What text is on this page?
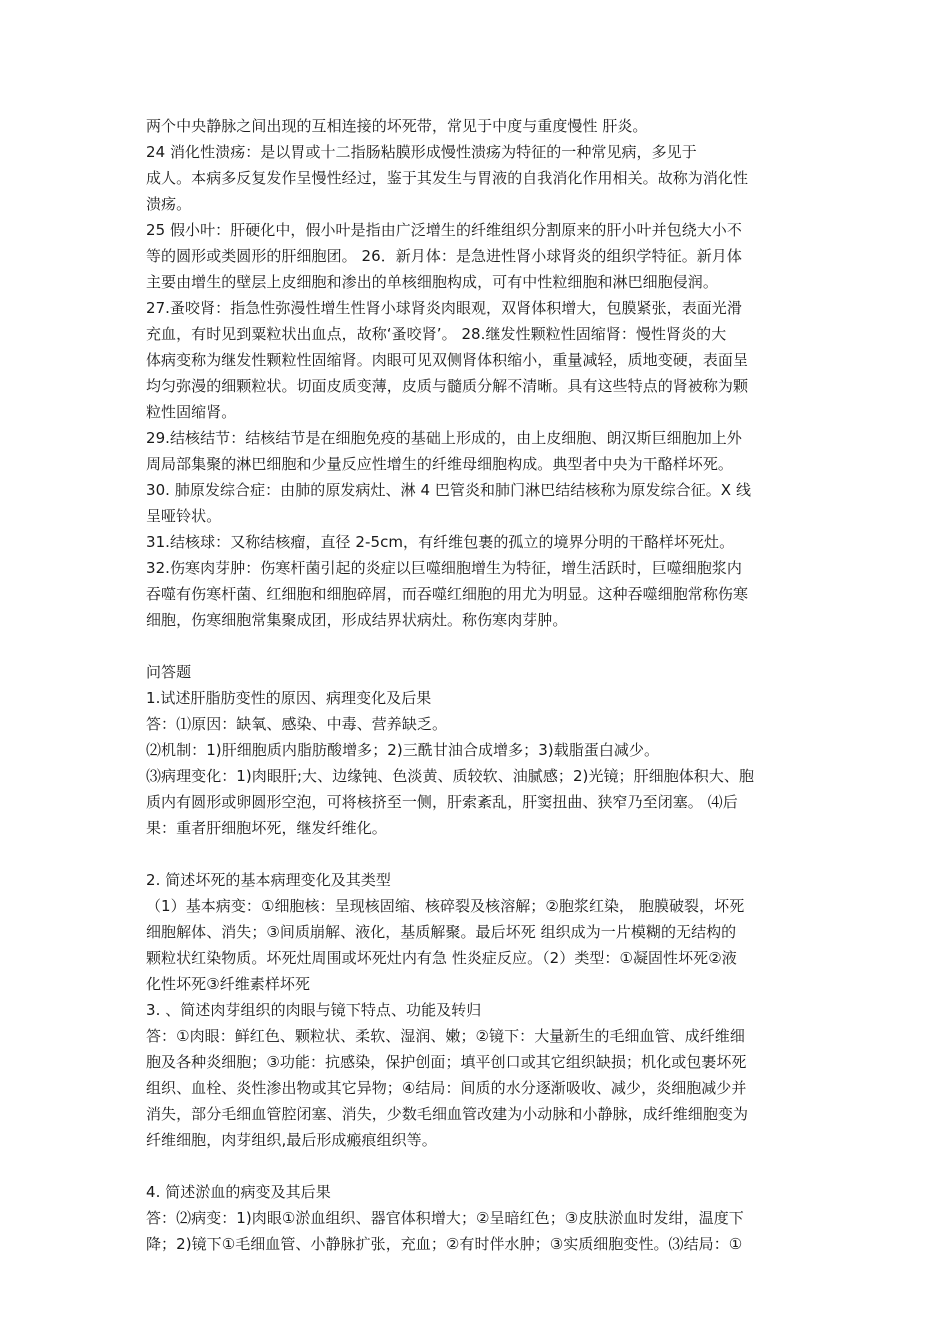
两个中央静脉之间出现的互相连接的坏死带，常见于中度与重度慢性 肝炎。
24 消化性溃疡：是以胃或十二指肠粘膜形成慢性溃疡为特征的一种常见病，多见于
成人。本病多反复发作呈慢性经过，鉴于其发生与胃液的自我消化作用相关。故称为消化性
溃疡。
25 假小叶：肝硬化中，假小叶是指由广泛增生的纤维组织分割原来的肝小叶并包绕大小不
等的圆形或类圆形的肝细胞团。 26．新月体：是急进性肾小球肾炎的组织学特征。新月体
主要由增生的壁层上皮细胞和渗出的单核细胞构成，可有中性粒细胞和淋巴细胞侵润。
27.蚤咬肾：指急性弥漫性增生性肾小球肾炎肉眼观，双肾体积增大，包膜紧张，表面光滑
充血，有时见到粟粒状出血点，故称‘蚤咬肾’。 28.继发性颗粒性固缩肾：慢性肾炎的大
体病变称为继发性颗粒性固缩肾。肉眼可见双侧肾体积缩小，重量减轻，质地变硬，表面呈
均匀弥漫的细颗粒状。切面皮质变薄，皮质与髓质分解不清晰。具有这些特点的肾被称为颗
粒性固缩肾。
29.结核结节：结核结节是在细胞免疫的基础上形成的，由上皮细胞、朗汉斯巨细胞加上外
周局部集聚的淋巴细胞和少量反应性增生的纤维母细胞构成。典型者中央为干酪样坏死。
30. 肺原发综合症：由肺的原发病灶、淋 4 巴管炎和肺门淋巴结结核称为原发综合征。X 线
呈哑铃状。
31.结核球：又称结核瘤，直径 2-5cm，有纤维包裹的孤立的境界分明的干酪样坏死灶。
32.伤寒肉芽肿：伤寒杆菌引起的炎症以巨噬细胞增生为特征，增生活跃时，巨噬细胞浆内
吞噬有伤寒杆菌、红细胞和细胞碎屑，而吞噬红细胞的用尤为明显。这种吞噬细胞常称伤寒
细胞，伤寒细胞常集聚成团，形成结界状病灶。称伤寒肉芽肿。
问答题
1.试述肝脂肪变性的原因、病理变化及后果
答：⑴原因：缺氧、感染、中毒、营养缺乏。
⑵机制：1)肝细胞质内脂肪酸增多；2)三酰甘油合成增多；3)载脂蛋白减少。
⑶病理变化：1)肉眼肝;大、边缘钝、色淡黄、质较软、油腻感；2)光镜；肝细胞体积大、胞
质内有圆形或卵圆形空泡，可将核挤至一侧，肝索紊乱，肝窦扭曲、狭窄乃至闭塞。 ⑷后
果：重者肝细胞坏死，继发纤维化。
2. 简述坏死的基本病理变化及其类型
（1）基本病变：①细胞核：呈现核固缩、核碎裂及核溶解；②胞浆红染， 胞膜破裂，坏死
细胞解体、消失；③间质崩解、液化，基质解聚。最后坏死 组织成为一片模糊的无结构的
颗粒状红染物质。坏死灶周围或坏死灶内有急 性炎症反应。（2）类型：①凝固性坏死②液
化性坏死③纤维素样坏死
3. 、简述肉芽组织的肉眼与镜下特点、功能及转归
答：①肉眼：鲜红色、颗粒状、柔软、湿润、嫩；②镜下：大量新生的毛细血管、成纤维细
胞及各种炎细胞；③功能：抗感染，保护创面；填平创口或其它组织缺损；机化或包裹坏死
组织、血栓、炎性渗出物或其它异物；④结局：间质的水分逐渐吸收、减少，炎细胞减少并
消失，部分毛细血管腔闭塞、消失，少数毛细血管改建为小动脉和小静脉，成纤维细胞变为
纤维细胞，肉芽组织,最后形成瘢痕组织等。
4. 简述淤血的病变及其后果
答：⑵病变：1)肉眼①淤血组织、器官体积增大；②呈暗红色；③皮肤淤血时发绀，温度下
降；2)镜下①毛细血管、小静脉扩张，充血；②有时伴水肿；③实质细胞变性。⑶结局：①
